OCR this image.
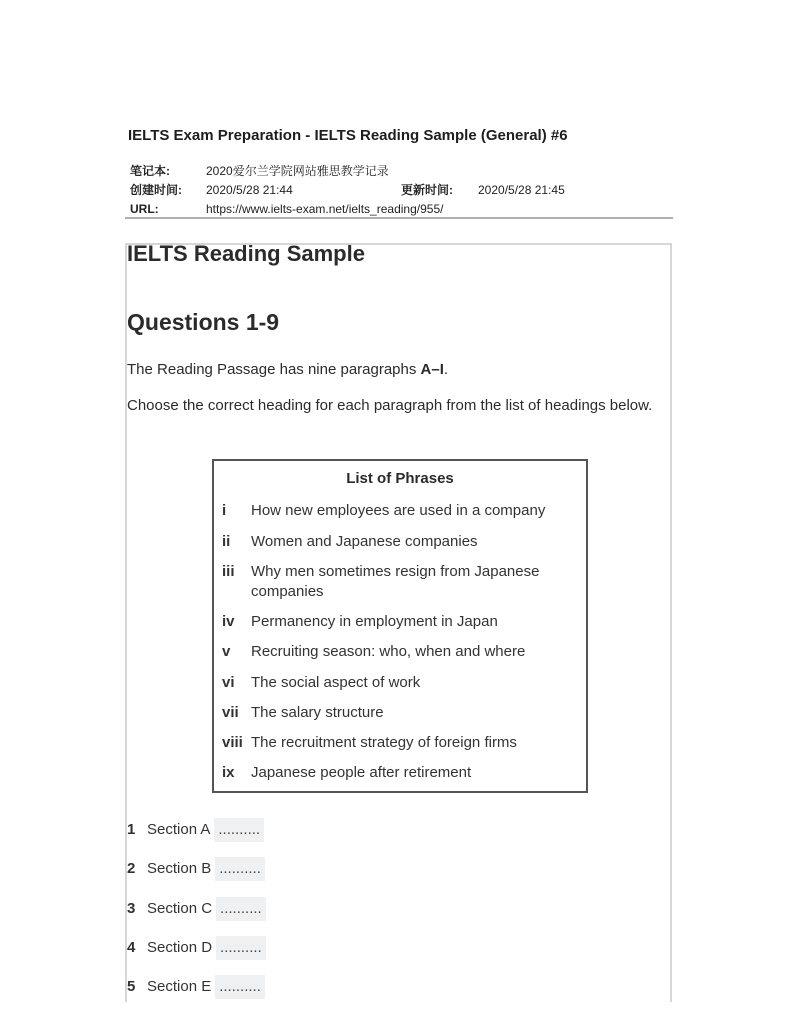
IELTS Exam Preparation - IELTS Reading Sample (General) #6
笔记本:	2020爱尔兰学院网站雅思教学记录
创建时间: 2020/5/28 21:44	更新时间: 2020/5/28 21:45
URL:	https://www.ielts-exam.net/ielts_reading/955/
IELTS Reading Sample
Questions 1-9
The Reading Passage has nine paragraphs A–I.
Choose the correct heading for each paragraph from the list of headings below.
List of Phrases
i	How new employees are used in a company
ii	Women and Japanese companies
iii	Why men sometimes resign from Japanese companies
iv	Permanency in employment in Japan
v	Recruiting season: who, when and where
vi	The social aspect of work
vii The salary structure
viii The recruitment strategy of foreign firms
ix	Japanese people after retirement
1 Section A ..........
2 Section B ..........
3 Section C ..........
4 Section D ..........
5 Section E ..........
